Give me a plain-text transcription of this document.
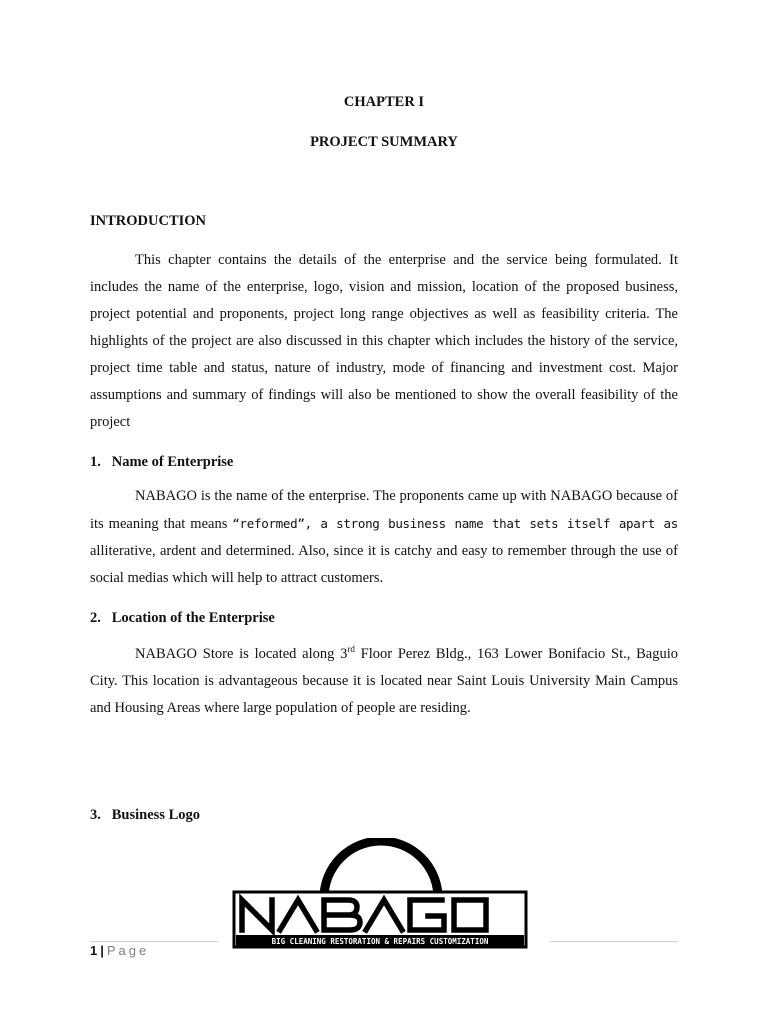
CHAPTER I
PROJECT SUMMARY
INTRODUCTION

This chapter contains the details of the enterprise and the service being formulated. It includes the name of the enterprise, logo, vision and mission, location of the proposed business, project potential and proponents, project long range objectives as well as feasibility criteria. The highlights of the project are also discussed in this chapter which includes the history of the service, project time table and status, nature of industry, mode of financing and investment cost. Major assumptions and summary of findings will also be mentioned to show the overall feasibility of the project

1.   Name of Enterprise

NABAGO is the name of the enterprise. The proponents came up with NABAGO because of its meaning that means “reformed”, a strong business name that sets itself apart as alliterative, ardent and determined. Also, since it is catchy and easy to remember through the use of social medias which will help to attract customers.

2.   Location of the Enterprise

NABAGO Store is located along 3rd Floor Perez Bldg., 163 Lower Bonifacio St., Baguio City. This location is advantageous because it is located near Saint Louis University Main Campus and Housing Areas where large population of people are residing.

3.   Business Logo
BIG CLEANING RESTORATION & REPAIRS CUSTOMIZATION
1 | Page
